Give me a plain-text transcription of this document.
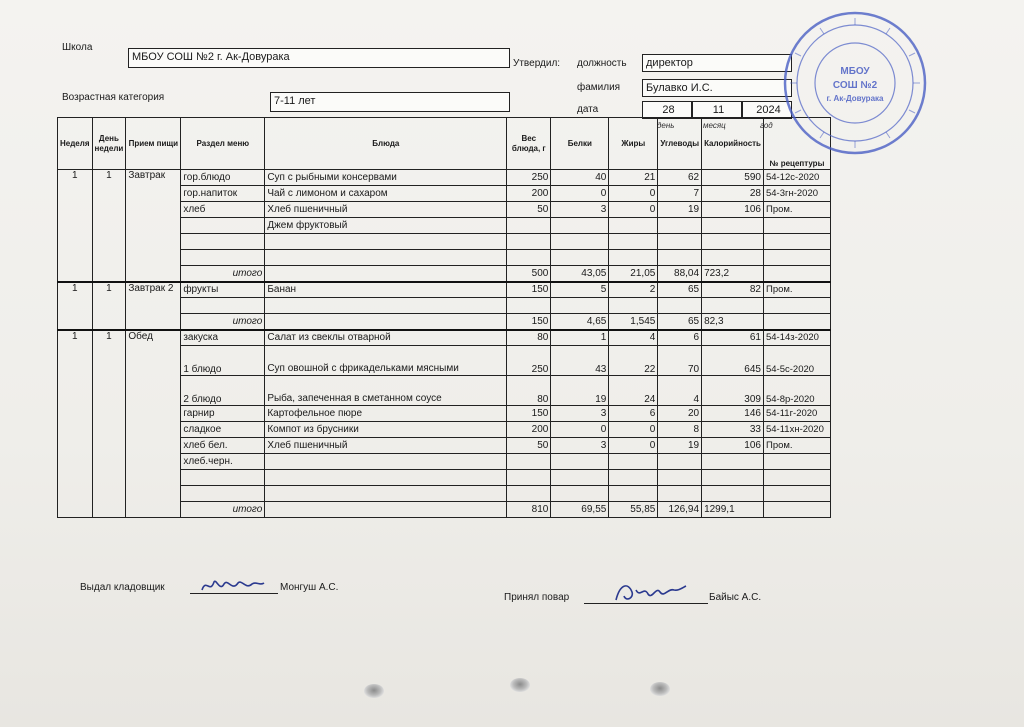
Школа
МБОУ СОШ №2 г. Ак-Довурака
Возрастная категория	7-11 лет
Утвердил: должность	директор
фамилия	Булавко И.С.
дата	28	11	2024
день	месяц	год
Неделя	День недели	Прием пищи	Раздел меню	Блюда	Вес блюда, г	Белки	Жиры	Углеводы	Калорийность	№ рецептуры
1	1	Завтрак	гор.блюдо	Суп с рыбными консервами	250	40	21	62	590	54-12с-2020
			гор.напиток	Чай с лимоном и сахаром	200	0	0	7	28	54-3гн-2020
			хлеб	Хлеб пшеничный	50	3	0	19	106	Пром.
				Джем фруктовый						

			итого		500	43,05	21,05	88,04	723,2	
1	1	Завтрак 2	фрукты	Банан	150	5	2	65	82	Пром.

			итого		150	4,65	1,545	65	82,3	
1	1	Обед	закуска	Салат из свеклы отварной	80	1	4	6	61	54-14з-2020
			1 блюдо	Суп овошной с фрикадельками мясными	250	43	22	70	645	54-5с-2020
			2 блюдо	Рыба, запеченная в сметанном соусе	80	19	24	4	309	54-8р-2020
			гарнир	Картофельное пюре	150	3	6	20	146	54-11г-2020
			сладкое	Компот из брусники	200	0	0	8	33	54-11хн-2020
			хлеб бел.	Хлеб пшеничный	50	3	0	19	106	Пром.
			хлеб.черн.							

			итого		810	69,55	55,85	126,94	1299,1	
Выдал кладовщик	Монгуш А.С.
Принял повар	Байыс А.С.
МБОУ
СОШ №2
г. Ак-Довурака
